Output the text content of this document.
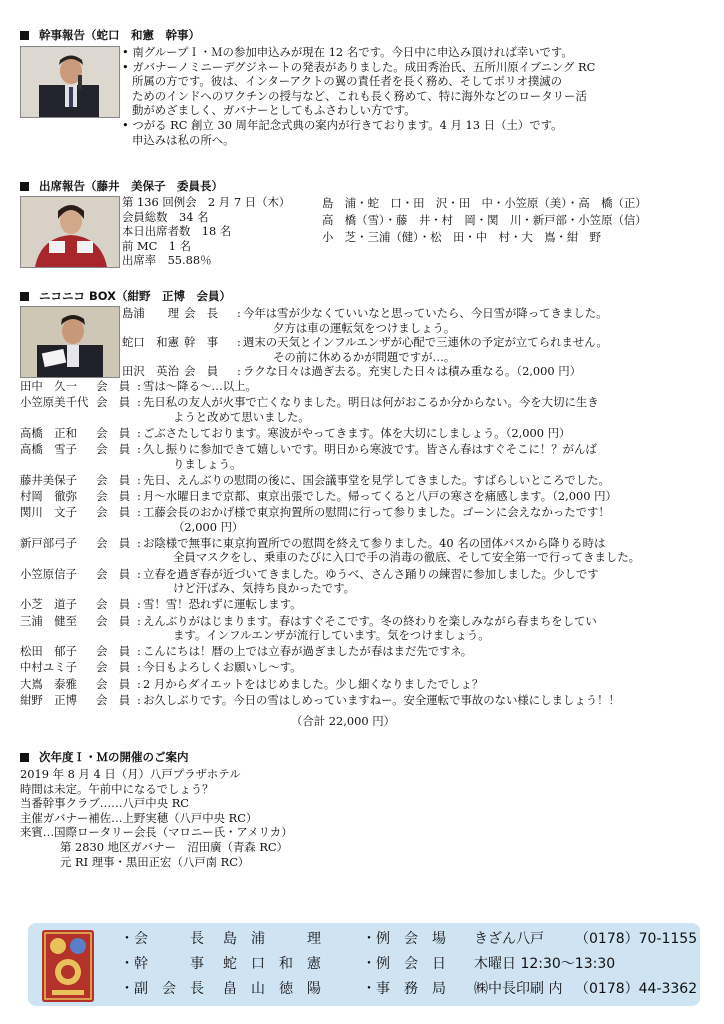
幹事報告（蛇口　和憲　幹事）
• 南グループＩ・Ｍの参加申込みが現在 12 名です。今日中に申込み頂ければ幸いです。
• ガバナーノミニーデグジネートの発表がありました。成田秀治氏、五所川原イブニング RC
所属の方です。彼は、インターアクトの翼の責任者を長く務め、そしてポリオ撲滅の
ためのインドへのワクチンの授与など、これも長く務めて、特に海外などのロータリー活
動がめざましく、ガバナーとしてもふさわしい方です。
• つがる RC 創立 30 周年記念式典の案内が行きております。4 月 13 日（土）です。
申込みは私の所へ。
出席報告（藤井　美保子　委員長）
第 136 回例会　2 月 7 日（木）
会員総数　34 名
本日出席者数　18 名
前 MC　1 名
出席率　55.88％
島　浦・蛇　口・田　沢・田　中・小笠原（美）・高　橋（正）
高　橋（雪）・藤　井・村　岡・関　川・新戸部・小笠原（信）
小　芝・三浦（健）・松　田・中　村・大　嶌・紺　野
ニコニコ BOX（紺野　正博　会員）
島浦　　理 会　長 : 今年は雪が少なくていいなと思っていたら、今日雪が降ってきました。
夕方は車の運転気をつけましょう。
蛇口　和憲 幹　事 : 週末の天気とインフルエンザが心配で三連休の予定が立てられません。
その前に休めるかが問題ですが…。
田沢　英治 会　員 : ラクな日々は過ぎ去る。充実した日々は積み重なる。（2,000 円）
田中　久一 会　員 : 雪は～降る～…以上。
小笠原美千代 会　員 : 先日私の友人が火事で亡くなりました。明日は何がおこるか分からない。今を大切に生き
ようと改めて思いました。
高橋　正和 会　員 : ごぶさたしております。寒波がやってきます。体を大切にしましょう。（2,000 円）
高橋　雪子 会　員 : 久し振りに参加できて嬉しいです。明日から寒波です。皆さん春はすぐそこに！？がんば
りましょう。
藤井美保子 会　員 : 先日、えんぶりの慰問の後に、国会議事堂を見学してきました。すばらしいところでした。
村岡　徹弥 会　員 : 月～水曜日まで京都、東京出張でした。帰ってくると八戸の寒さを痛感します。（2,000 円）
関川　文子 会　員 : 工藤会長のおかげ様で東京拘置所の慰問に行って参りました。ゴーンに会えなかったです！
（2,000 円）
新戸部弓子 会　員 : お陰様で無事に東京拘置所での慰問を終えて参りました。40 名の団体バスから降りる時は
全員マスクをし、乗車のたびに入口で手の消毒の徹底、そして安全第一で行ってきました。
小笠原信子 会　員 : 立春を過ぎ春が近づいてきました。ゆうべ、さんさ踊りの練習に参加しました。少しです
けど汗ばみ、気持ち良かったです。
小芝　道子 会　員 : 雪！雪！恐れずに運転します。
三浦　健至 会　員 : えんぶりがはじまります。春はすぐそこです。冬の終わりを楽しみながら春まちをしてい
ます。インフルエンザが流行しています。気をつけましょう。
松田　郁子 会　員 : こんにちは！暦の上では立春が過ぎましたが春はまだ先ですネ。
中村ユミ子 会　員 : 今日もよろしくお願いし～す。
大嶌　泰雅 会　員 : 2 月からダイエットをはじめました。少し細くなりましたでしょ？
紺野　正博 会　員 : お久しぶりです。今日の雪はしめっていますねー。安全運転で事故のない様にしましょう！！
（合計 22,000 円）
次年度Ｉ・Ｍの開催のご案内
2019 年 8 月 4 日（月）八戸プラザホテル
時間は未定。午前中になるでしょう？
当番幹事クラブ……八戸中央 RC
主催ガバナー補佐…上野実穂（八戸中央 RC）
来賓…国際ロータリー会長（マロニー氏・アメリカ）
第 2830 地区ガバナー　沼田廣（青森 RC）
元 RI 理事・黒田正宏（八戸南 RC）
・会　　　長 島　浦　　　理
・幹　　　事 蛇　口　和　憲
・副　会　長 畠　山　徳　陽
・例　会　場 きざん八戸 （0178）70-1155
・例　会　日 木曜日 12:30〜13:30
・事　務　局 ㈱中長印刷 内 （0178）44-3362
